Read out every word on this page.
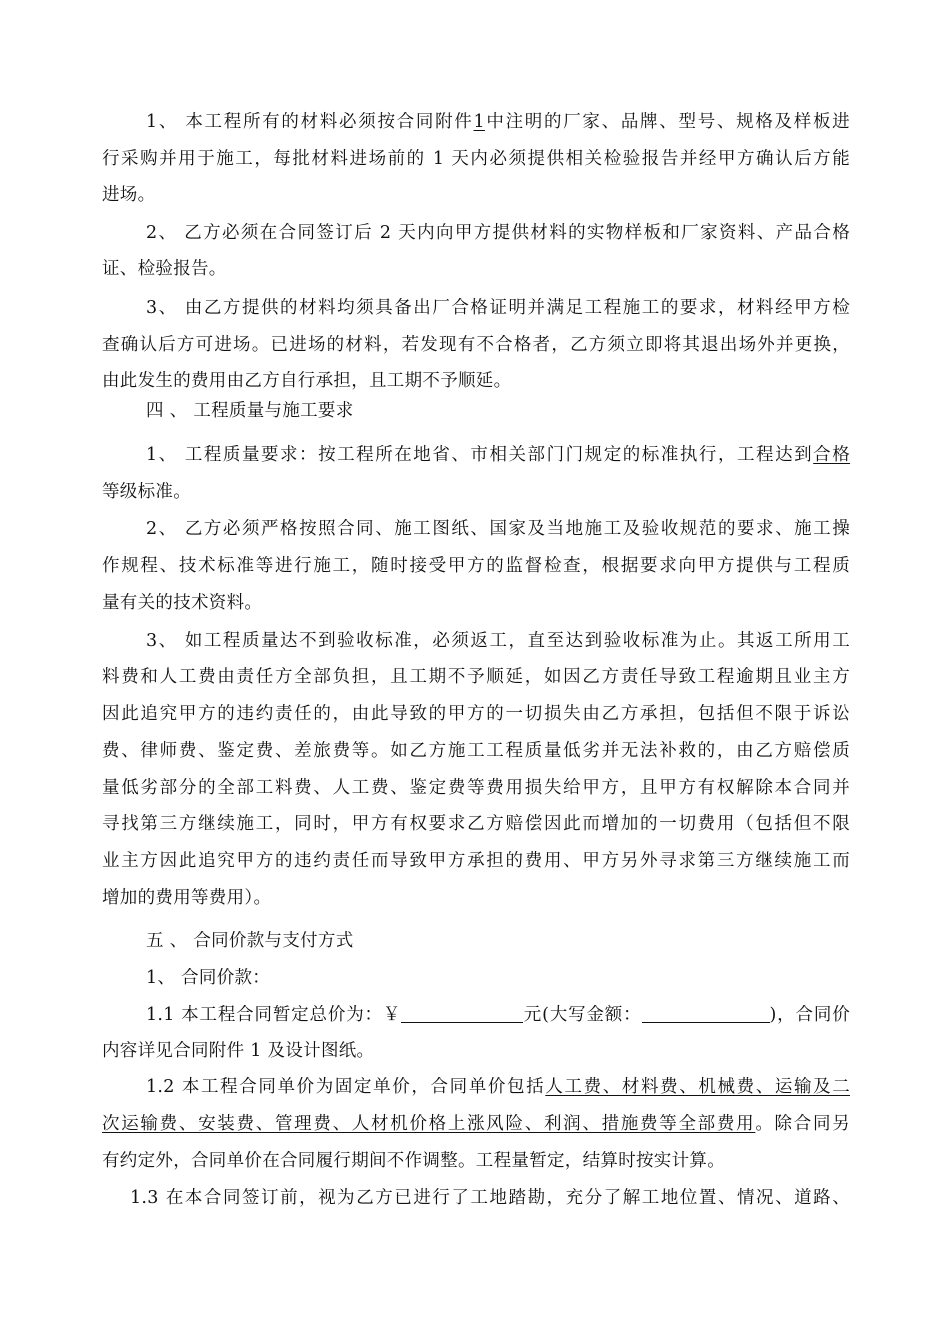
1、 本工程所有的材料必须按合同附件1中注明的厂家、品牌、型号、规格及样板进
行采购并用于施工，每批材料进场前的 1 天内必须提供相关检验报告并经甲方确认后方能
进场。
2、 乙方必须在合同签订后 2 天内向甲方提供材料的实物样板和厂家资料、产品合格
证、检验报告。
3、 由乙方提供的材料均须具备出厂合格证明并满足工程施工的要求，材料经甲方检
查确认后方可进场。已进场的材料，若发现有不合格者，乙方须立即将其退出场外并更换，
由此发生的费用由乙方自行承担，且工期不予顺延。
四 、 工程质量与施工要求
1、 工程质量要求：按工程所在地省、市相关部门门规定的标准执行，工程达到合格
等级标准。
2、 乙方必须严格按照合同、施工图纸、国家及当地施工及验收规范的要求、施工操
作规程、技术标准等进行施工，随时接受甲方的监督检查，根据要求向甲方提供与工程质
量有关的技术资料。
3、 如工程质量达不到验收标准，必须返工，直至达到验收标准为止。其返工所用工
料费和人工费由责任方全部负担，且工期不予顺延，如因乙方责任导致工程逾期且业主方
因此追究甲方的违约责任的，由此导致的甲方的一切损失由乙方承担，包括但不限于诉讼
费、律师费、鉴定费、差旅费等。如乙方施工工程质量低劣并无法补救的，由乙方赔偿质
量低劣部分的全部工料费、人工费、鉴定费等费用损失给甲方，且甲方有权解除本合同并
寻找第三方继续施工，同时，甲方有权要求乙方赔偿因此而增加的一切费用（包括但不限
业主方因此追究甲方的违约责任而导致甲方承担的费用、甲方另外寻求第三方继续施工而
增加的费用等费用）。
五 、 合同价款与支付方式
1、 合同价款：
1.1 本工程合同暂定总价为：￥	元(大写金额：	)，合同价
内容详见合同附件 1 及设计图纸。
1.2 本工程合同单价为固定单价，合同单价包括人工费、材料费、机械费、运输及二
次运输费、安装费、管理费、人材机价格上涨风险、利润、措施费等全部费用。除合同另
有约定外，合同单价在合同履行期间不作调整。工程量暂定，结算时按实计算。
1.3 在本合同签订前，视为乙方已进行了工地踏勘，充分了解工地位置、情况、道路、
